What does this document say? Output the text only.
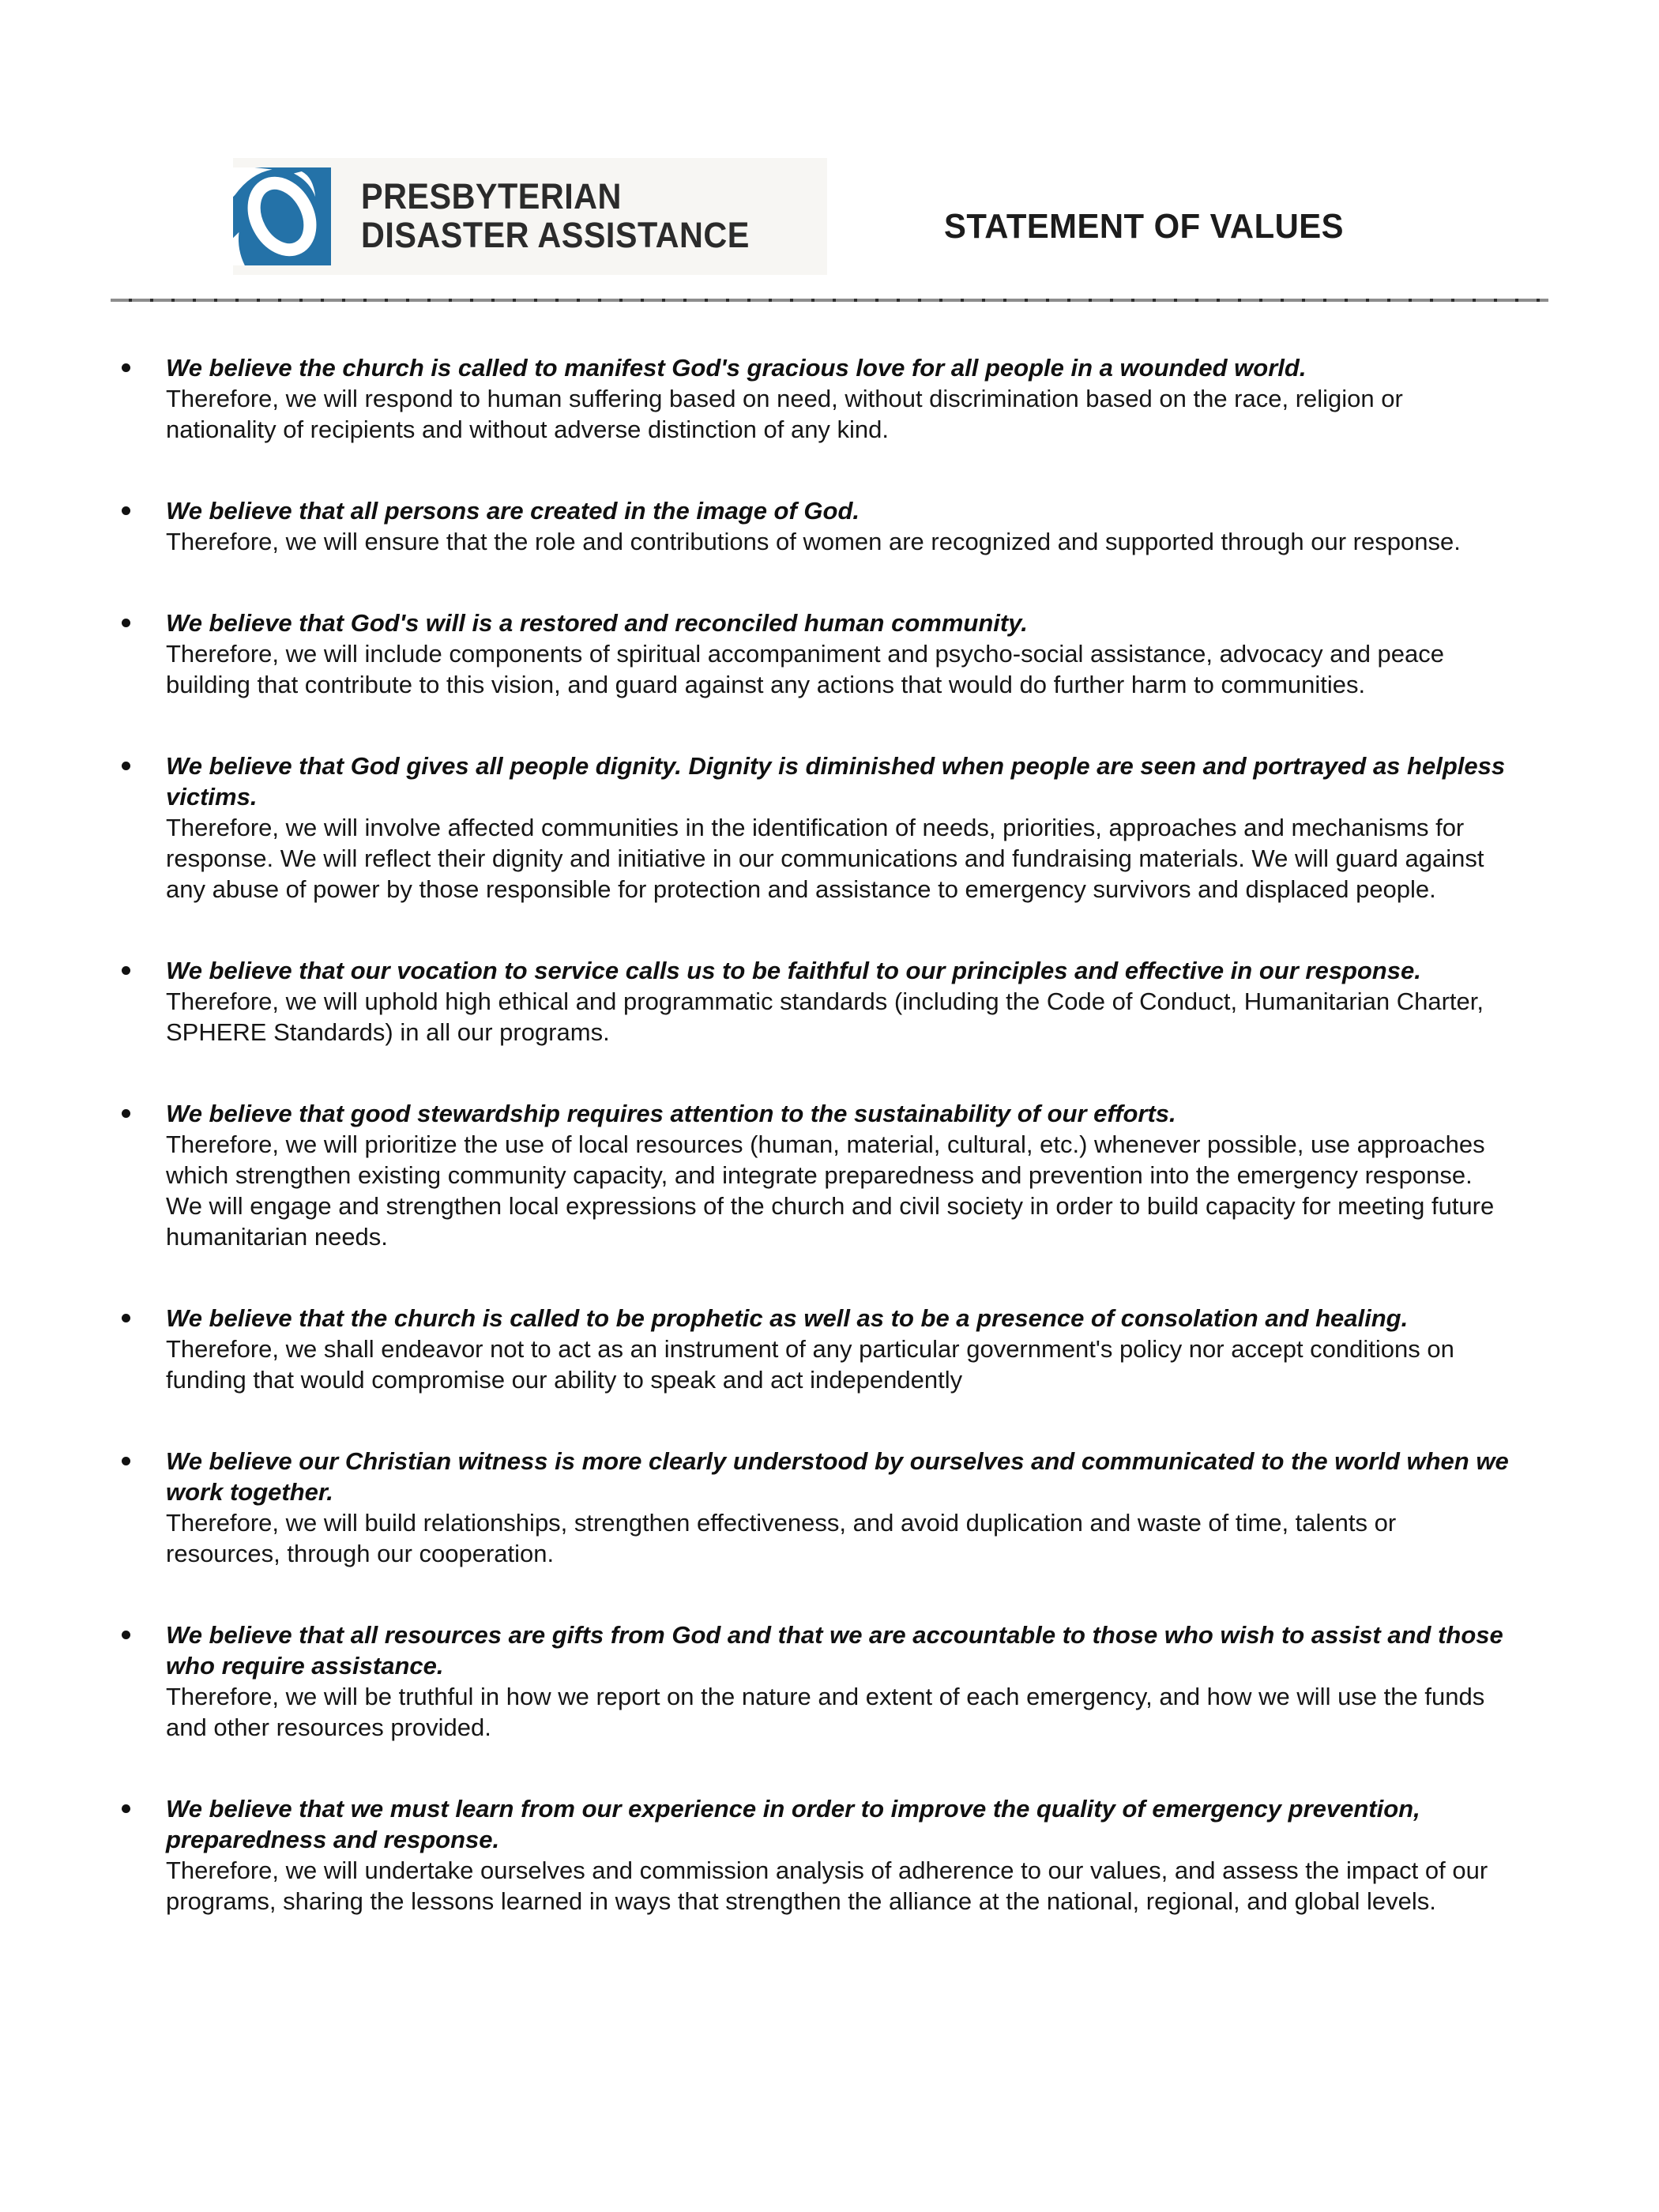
PRESBYTERIAN
DISASTER ASSISTANCE	STATEMENT OF VALUES
We believe the church is called to manifest God's gracious love for all people in a wounded world.
Therefore, we will respond to human suffering based on need, without discrimination based on the race, religion or nationality of recipients and without adverse distinction of any kind.
We believe that all persons are created in the image of God.
Therefore, we will ensure that the role and contributions of women are recognized and supported through our response.
We believe that God's will is a restored and reconciled human community.
Therefore, we will include components of spiritual accompaniment and psycho-social assistance, advocacy and peace building that contribute to this vision, and guard against any actions that would do further harm to communities.
We believe that God gives all people dignity. Dignity is diminished when people are seen and portrayed as helpless victims.
Therefore, we will involve affected communities in the identification of needs, priorities, approaches and mechanisms for response. We will reflect their dignity and initiative in our communications and fundraising materials. We will guard against any abuse of power by those responsible for protection and assistance to emergency survivors and displaced people.
We believe that our vocation to service calls us to be faithful to our principles and effective in our response.
Therefore, we will uphold high ethical and programmatic standards (including the Code of Conduct, Humanitarian Charter, SPHERE Standards) in all our programs.
We believe that good stewardship requires attention to the sustainability of our efforts.
Therefore, we will prioritize the use of local resources (human, material, cultural, etc.) whenever possible, use approaches which strengthen existing community capacity, and integrate preparedness and prevention into the emergency response. We will engage and strengthen local expressions of the church and civil society in order to build capacity for meeting future humanitarian needs.
We believe that the church is called to be prophetic as well as to be a presence of consolation and healing.
Therefore, we shall endeavor not to act as an instrument of any particular government's policy nor accept conditions on funding that would compromise our ability to speak and act independently
We believe our Christian witness is more clearly understood by ourselves and communicated to the world when we work together.
Therefore, we will build relationships, strengthen effectiveness, and avoid duplication and waste of time, talents or resources, through our cooperation.
We believe that all resources are gifts from God and that we are accountable to those who wish to assist and those who require assistance.
Therefore, we will be truthful in how we report on the nature and extent of each emergency, and how we will use the funds and other resources provided.
We believe that we must learn from our experience in order to improve the quality of emergency prevention, preparedness and response.
Therefore, we will undertake ourselves and commission analysis of adherence to our values, and assess the impact of our programs, sharing the lessons learned in ways that strengthen the alliance at the national, regional, and global levels.
